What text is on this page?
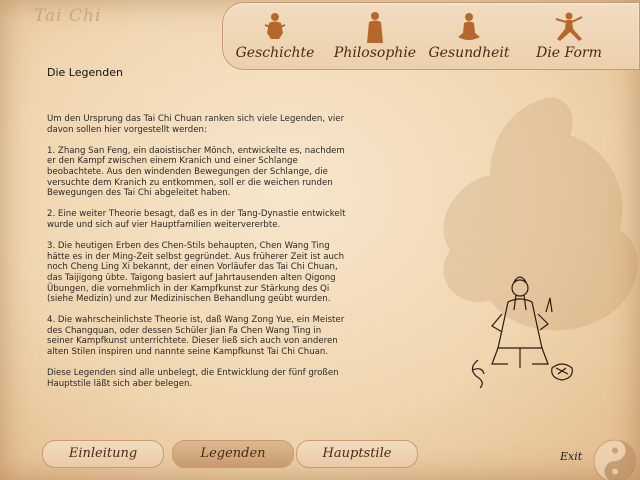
Tai Chi
Geschichte	Philosophie Gesundheit	Die Form
Die Legenden

Um den Ursprung das Tai Chi Chuan ranken sich viele Legenden, vier davon sollen hier vorgestellt werden:

1. Zhang San Feng, ein daoistischer Mönch, entwickelte es, nachdem er den Kampf zwischen einem Kranich und einer Schlange beobachtete. Aus den windenden Bewegungen der Schlange, die versuchte dem Kranich zu entkommen, soll er die weichen runden Bewegungen des Tai Chi abgeleitet haben.

2. Eine weiter Theorie besagt, daß es in der Tang-Dynastie entwickelt wurde und sich auf vier Hauptfamilien weitervererbte.

3. Die heutigen Erben des Chen-Stils behaupten, Chen Wang Ting hätte es in der Ming-Zeit selbst gegründet. Aus früherer Zeit ist auch noch Cheng Ling Xi bekannt, der einen Vorläufer das Tai Chi Chuan, das Taijigong übte. Taigong basiert auf Jahrtausenden alten Qigong Übungen, die vornehmlich in der Kampfkunst zur Stärkung des Qi (siehe Medizin) und zur Medizinischen Behandlung geübt wurden.

4. Die wahrscheinlichste Theorie ist, daß Wang Zong Yue, ein Meister des Changquan, oder dessen Schüler Jian Fa Chen Wang Ting in seiner Kampfkunst unterrichtete. Dieser ließ sich auch von anderen alten Stilen inspiren und nannte seine Kampfkunst Tai Chi Chuan.

Diese Legenden sind alle unbelegt, die Entwicklung der fünf großen Hauptstile läßt sich aber belegen.

Einleitung	Legenden	Hauptstile	Exit
